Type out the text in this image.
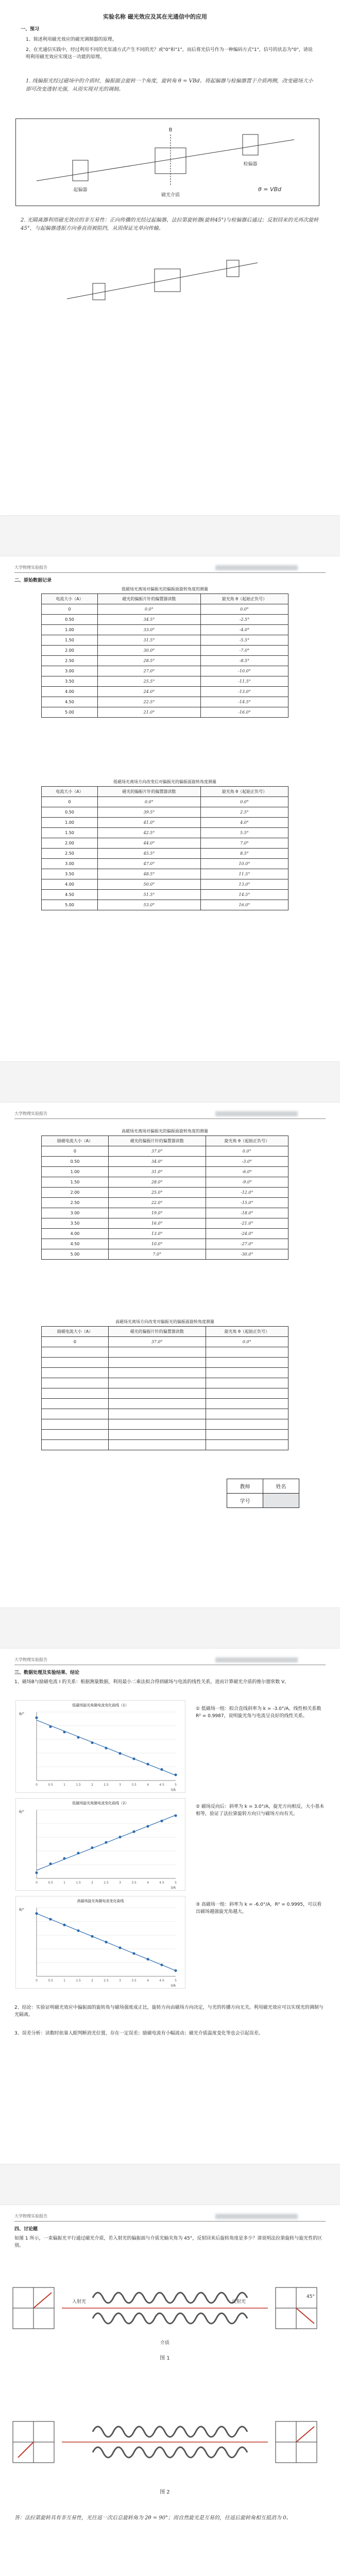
实验名称 磁光效应及其在光通信中的应用
一、预习
1、简述利用磁光效应的磁光调制器的原理。
2、在光通信实践中，经过利用不同的光泵浦方式产生不同的光？或"0"和"1"，而后将光信号作为一种编码方式"1"，信号的状态为"0"，请说明利用磁光效应实现这一功能的原理。
1. 线偏振光经过磁场中的介质时，偏振面会旋转一个角度，旋转角 θ = VBd。将起偏器与检偏器置于介质两侧，改变磁场大小即可改变透射光强，从而实现对光的调制。
B
起偏器
磁光介质
检偏器
θ = VBd
2. 光隔离器利用磁光效应的非互易性：正向传播的光经过起偏器、法拉第旋转器(旋转45°)与检偏器后通过；反射回来的光再次旋转45°，与起偏器透振方向垂直而被阻挡，从而保证光单向传输。
大学物理实验报告
二、原始数据记录
低磁场光离场对偏振光的偏振面旋转角度的测量
电流大小（A）	磁光的偏振片针的偏置器读数	旋光角 θ（起始正负号）
0	0.0°	0.0°
0.50	34.5°	-2.5°
1.00	33.0°	-4.0°
1.50	31.5°	-5.5°
2.00	30.0°	-7.0°
2.50	28.5°	-8.5°
3.00	27.0°	-10.0°
3.50	25.5°	-11.5°
4.00	24.0°	-13.0°
4.50	22.5°	-14.5°
5.00	21.0°	-16.0°
低磁场光离场方向改变后对偏振光的偏振面旋转角度测量
电流大小（A）	磁光的偏振片针的偏置器读数	旋光角 θ（起始正负号）
0	0.0°	0.0°
0.50	39.5°	2.5°
1.00	41.0°	4.0°
1.50	42.5°	5.5°
2.00	44.0°	7.0°
2.50	45.5°	8.5°
3.00	47.0°	10.0°
3.50	48.5°	11.5°
4.00	50.0°	13.0°
4.50	51.5°	14.5°
5.00	53.0°	16.0°
大学物理实验报告
高磁场光离场对偏振光的偏振面旋转角度的测量
励磁电流大小（A）	磁光的偏振片针的偏置器读数	旋光角 θ（起始正负号）
0	37.0°	0.0°
0.50	34.0°	-3.0°
1.00	31.0°	-6.0°
1.50	28.0°	-9.0°
2.00	25.0°	-12.0°
2.50	22.0°	-15.0°
3.00	19.0°	-18.0°
3.50	16.0°	-21.0°
4.00	13.0°	-24.0°
4.50	10.0°	-27.0°
5.00	7.0°	-30.0°
高磁场光离场方向改变对偏振光的偏振面旋转角度测量
励磁电流大小（A）	磁光的偏振片针的偏置器读数	旋光角 θ（起始正负号）
0	37.0°	0.0°

教师	姓名
学号	
大学物理实验报告
三、数据处理及实验结果、结论
1、磁场B与励磁电流 I 的关系：根据测量数据，利用最小二乘法拟合得到磁场与电流的线性关系，进而计算磁光介质的维尔德常数 V。
低磁场旋光角随电流变化曲线（1）
0	0.5	1	1.5	2	2.5	3	3.5	4	4.5	5
I/A
θ/°
低磁场旋光角随电流变化曲线（2）
0	0.5	1	1.5	2	2.5	3	3.5	4	4.5	5
I/A
θ/°
高磁场旋光角随电流变化曲线
0	0.5	1	1.5	2	2.5	3	3.5	4	4.5	5
I/A
θ/°
① 低磁场一组：拟合直线斜率为 k = -3.0°/A，线性相关系数 R² = 0.9987，说明旋光角与电流呈良好的线性关系。
② 磁场反向后：斜率为 k = 3.0°/A，旋光方向相反，大小基本相等，验证了法拉第旋转方向只与磁场方向有关。
③ 高磁场一组：斜率为 k = -6.0°/A，R² = 0.9995，可以看出磁场越强旋光角越大。
2、结论：实验证明磁光效应中偏振面的旋转角与磁场强度成正比，旋转方向由磁场方向决定，与光的传播方向无关。利用磁光效应可以实现光的调制与光隔离。
3、误差分析：读数时依靠人眼判断消光位置，存在一定误差；励磁电流有小幅波动；磁光介质温度变化等也会引起误差。
大学物理实验报告
四、讨论题
如图 1 所示，一束偏振光平行通过磁光介质，若入射光的偏振面与介质光轴夹角为 45°，反射回来后旋转角度是多少？请说明法拉第旋转与旋光性的区别。
入射光
介质
反射光
45°
图 1
图 2
答：法拉第旋转具有非互易性，光往返一次后总旋转角为 2θ = 90°；而自然旋光是互易的，往返后旋转角相互抵消为 0。
